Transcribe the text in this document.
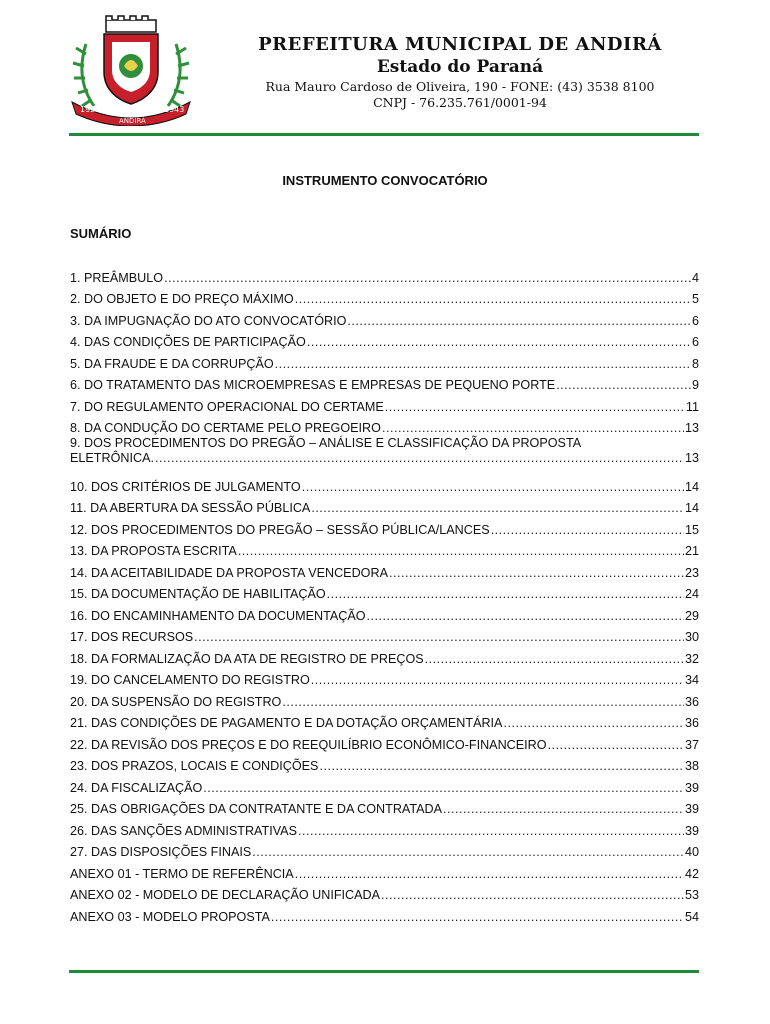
1927
ANDIRÁ
1943
PREFEITURA MUNICIPAL DE ANDIRÁ
Estado do Paraná
Rua Mauro Cardoso de Oliveira, 190 - FONE: (43) 3538 8100
CNPJ - 76.235.761/0001-94
INSTRUMENTO CONVOCATÓRIO
SUMÁRIO
1. PREÂMBULO .....	4
2. DO OBJETO E DO PREÇO MÁXIMO .....	5
3. DA IMPUGNAÇÃO DO ATO CONVOCATÓRIO .....	6
4. DAS CONDIÇÕES DE PARTICIPAÇÃO .....	6
5. DA FRAUDE E DA CORRUPÇÃO .....	8
6. DO TRATAMENTO DAS MICROEMPRESAS E EMPRESAS DE PEQUENO PORTE .....	9
7. DO REGULAMENTO OPERACIONAL DO CERTAME .....	11
8. DA CONDUÇÃO DO CERTAME PELO PREGOEIRO .....	13
9. DOS PROCEDIMENTOS DO PREGÃO – ANÁLISE E CLASSIFICAÇÃO DA PROPOSTA
ELETRÔNICA. .....	13
10. DOS CRITÉRIOS DE JULGAMENTO .....	14
11. DA ABERTURA DA SESSÃO PÚBLICA .....	14
12. DOS PROCEDIMENTOS DO PREGÃO – SESSÃO PÚBLICA/LANCES .....	15
13. DA PROPOSTA ESCRITA .....	21
14. DA ACEITABILIDADE DA PROPOSTA VENCEDORA .....	23
15. DA DOCUMENTAÇÃO DE HABILITAÇÃO .....	24
16. DO ENCAMINHAMENTO DA DOCUMENTAÇÃO .....	29
17. DOS RECURSOS .....	30
18. DA FORMALIZAÇÃO DA ATA DE REGISTRO DE PREÇOS .....	32
19. DO CANCELAMENTO DO REGISTRO .....	34
20. DA SUSPENSÃO DO REGISTRO .....	36
21. DAS CONDIÇÕES DE PAGAMENTO E DA DOTAÇÃO ORÇAMENTÁRIA .....	36
22. DA REVISÃO DOS PREÇOS E DO REEQUILÍBRIO ECONÔMICO-FINANCEIRO .....	37
23. DOS PRAZOS, LOCAIS E CONDIÇÕES .....	38
24. DA FISCALIZAÇÃO .....	39
25. DAS OBRIGAÇÕES DA CONTRATANTE E DA CONTRATADA .....	39
26. DAS SANÇÕES ADMINISTRATIVAS .....	39
27. DAS DISPOSIÇÕES FINAIS .....	40
ANEXO 01 - TERMO DE REFERÊNCIA .....	42
ANEXO 02 - MODELO DE DECLARAÇÃO UNIFICADA .....	53
ANEXO 03 - MODELO PROPOSTA .....	54
